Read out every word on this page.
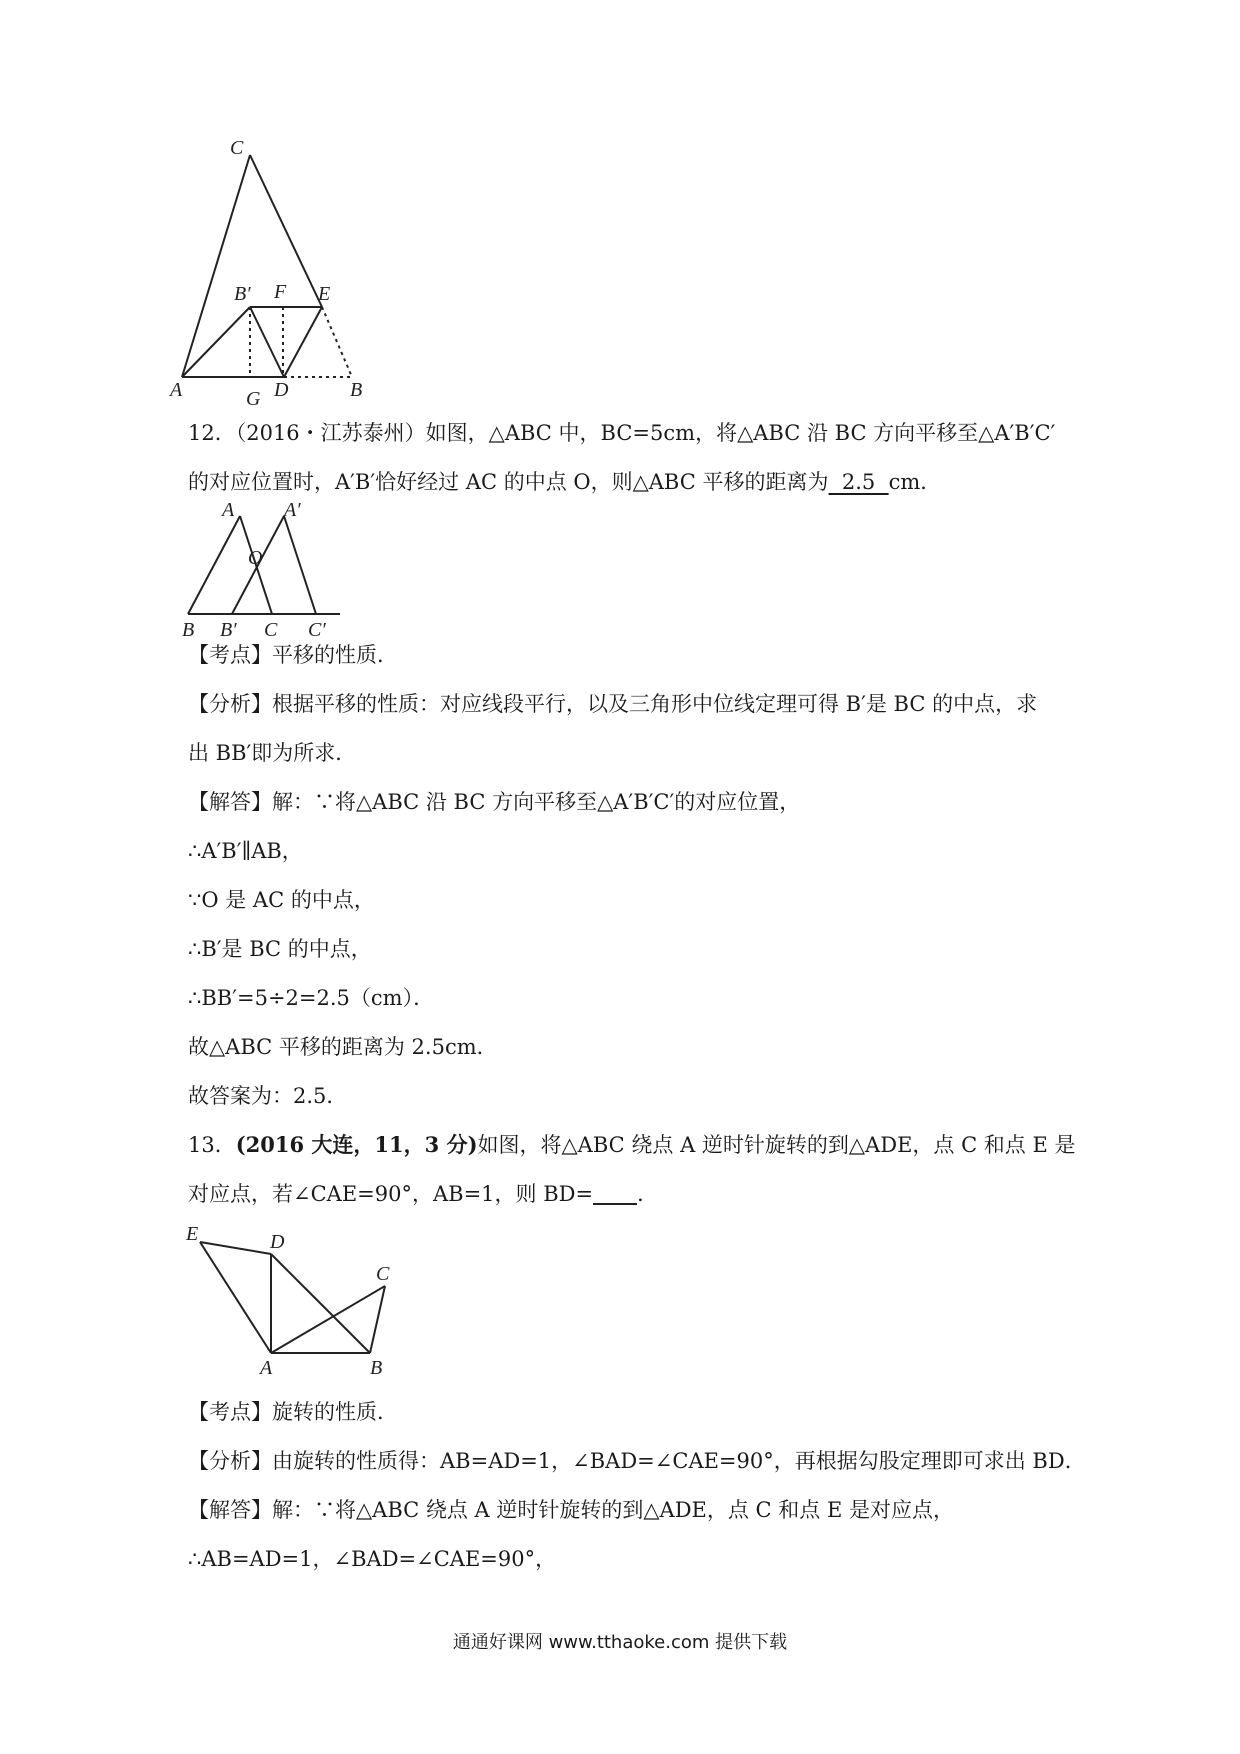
C
B′ F E
A	G D	B
12．（2016・江苏泰州）如图，△ABC 中，BC=5cm，将△ABC 沿 BC 方向平移至△A′B′C′
的对应位置时，A′B′恰好经过 AC 的中点 O，则△ABC 平移的距离为  2.5  cm．
A A′
O
B B′ C C′
【考点】平移的性质．
【分析】根据平移的性质：对应线段平行，以及三角形中位线定理可得 B′是 BC 的中点，求
出 BB′即为所求．
【解答】解：∵将△ABC 沿 BC 方向平移至△A′B′C′的对应位置，
∴A′B′∥AB，
∵O 是 AC 的中点，
∴B′是 BC 的中点，
∴BB′=5÷2=2.5（cm）．
故△ABC 平移的距离为 2.5cm．
故答案为：2.5．
13．(2016 大连，11，3 分)如图，将△ABC 绕点 A 逆时针旋转的到△ADE，点 C 和点 E 是
对应点，若∠CAE=90°，AB=1，则 BD= ．
E	D
C
A	B
【考点】旋转的性质．
【分析】由旋转的性质得：AB=AD=1，∠BAD=∠CAE=90°，再根据勾股定理即可求出 BD．
【解答】解：∵将△ABC 绕点 A 逆时针旋转的到△ADE，点 C 和点 E 是对应点，
∴AB=AD=1，∠BAD=∠CAE=90°，
通通好课网 www.tthaoke.com 提供下载
